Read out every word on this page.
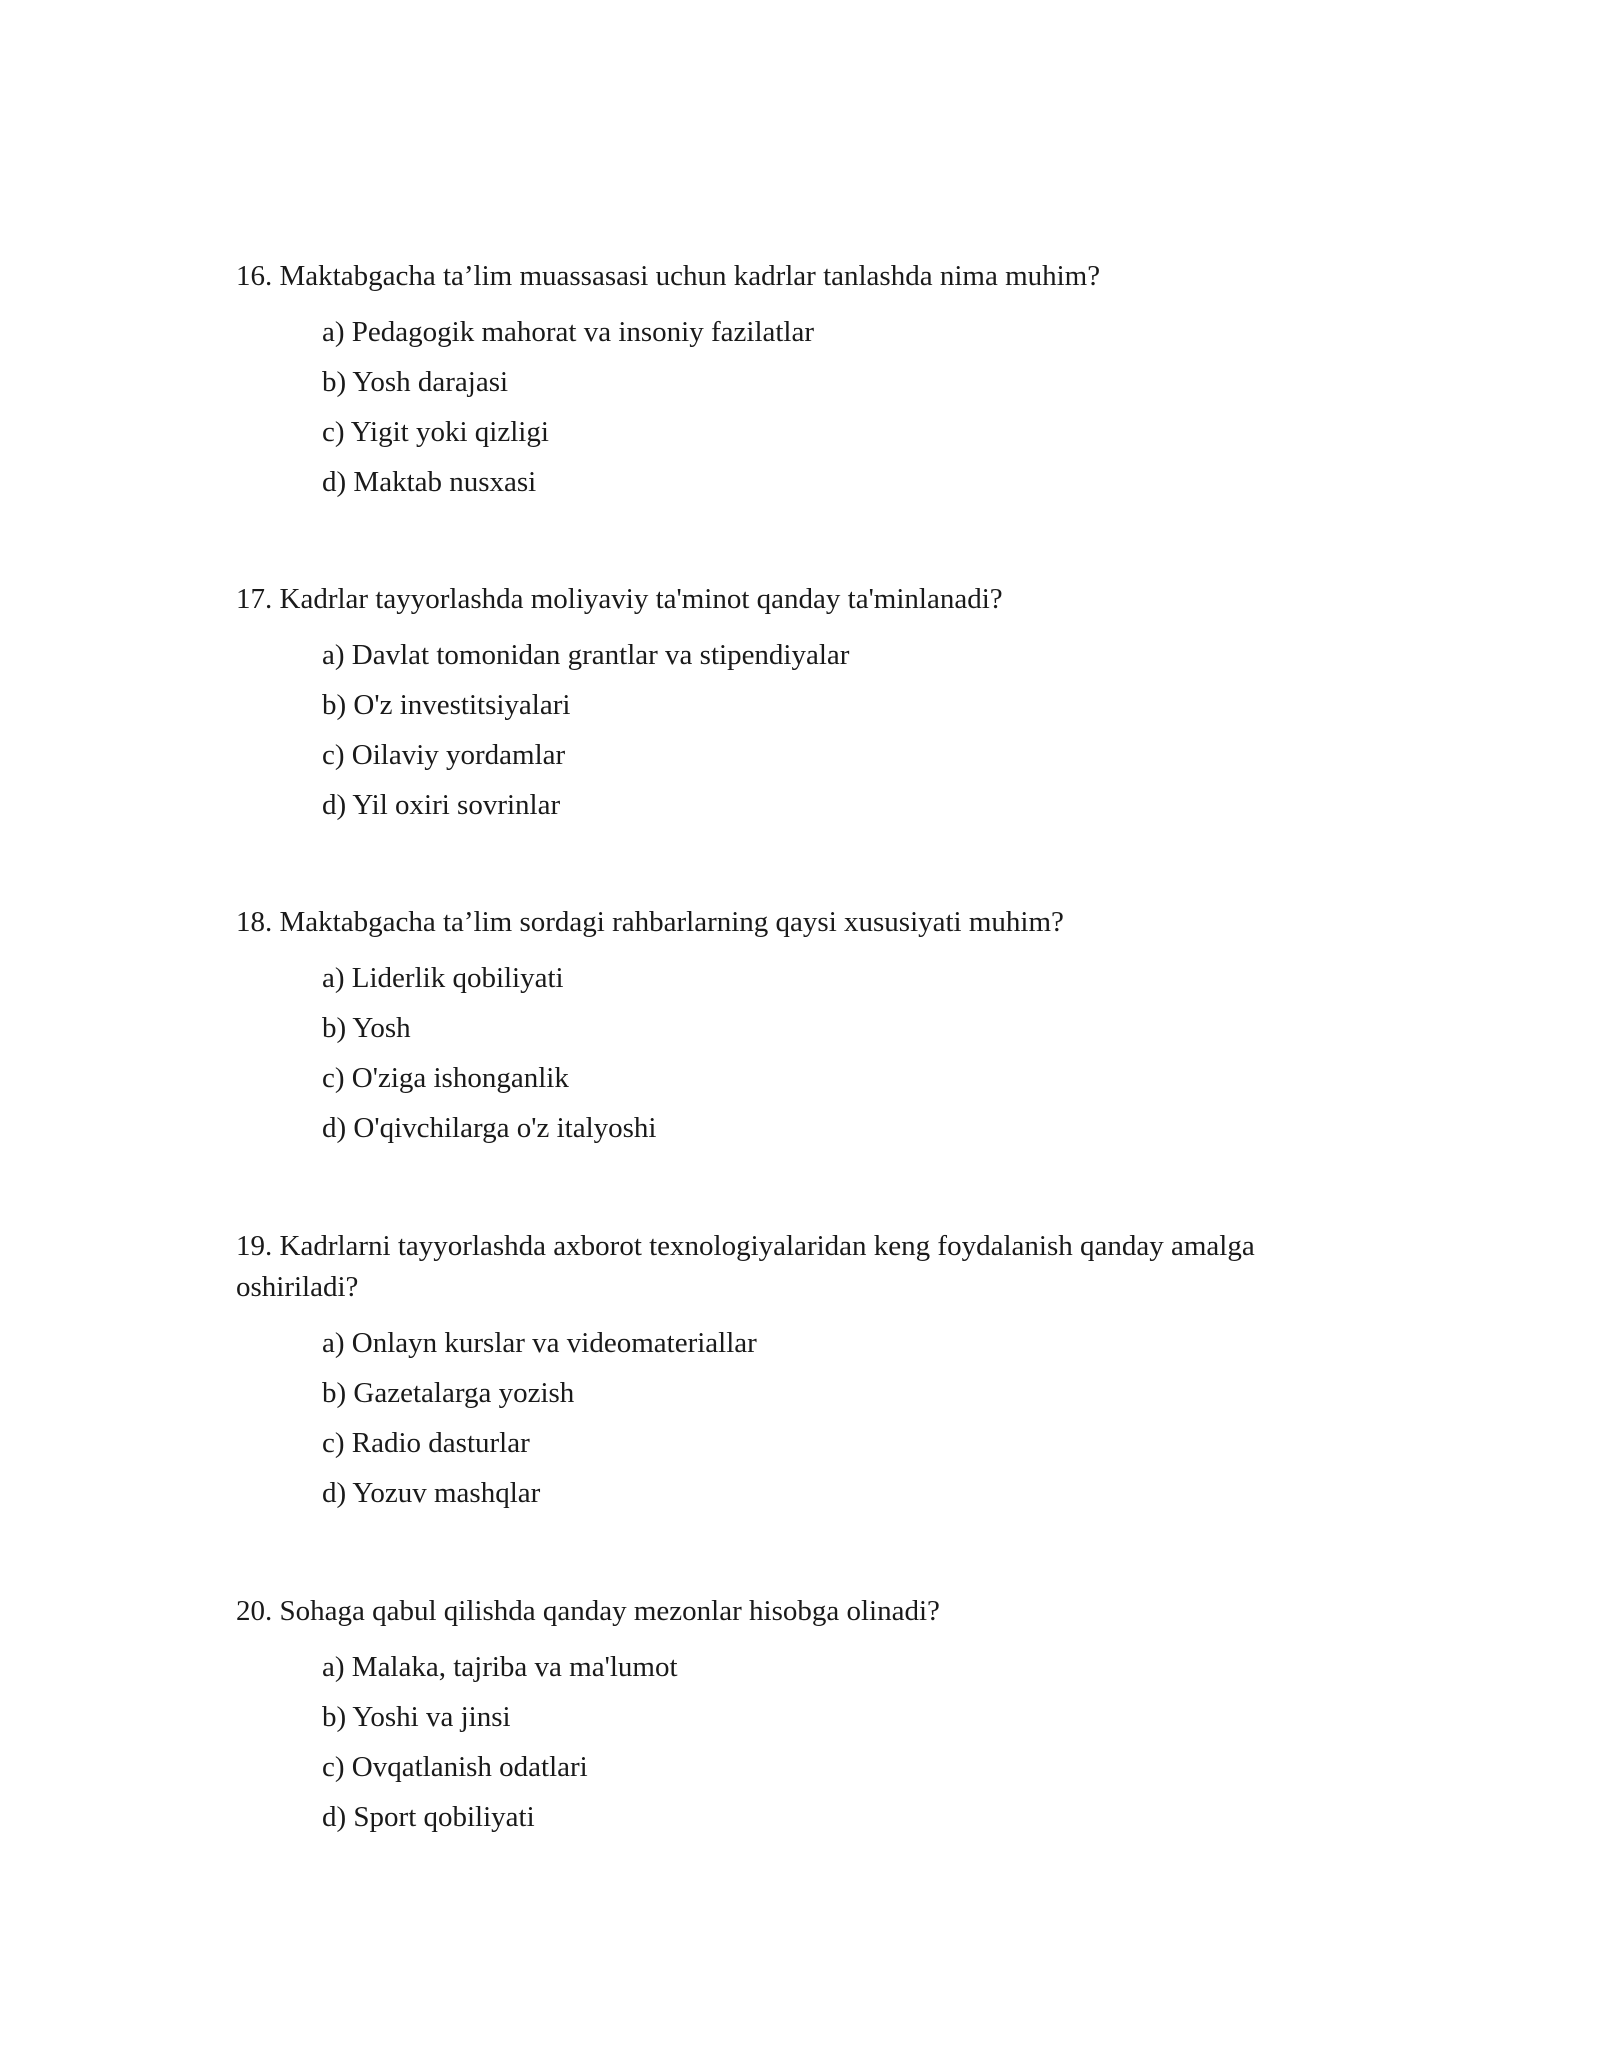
16. Maktabgacha ta’lim muassasasi uchun kadrlar tanlashda nima muhim?

a) Pedagogik mahorat va insoniy fazilatlar
b) Yosh darajasi
c) Yigit yoki qizligi
d) Maktab nusxasi

17. Kadrlar tayyorlashda moliyaviy ta'minot qanday ta'minlanadi?

a) Davlat tomonidan grantlar va stipendiyalar
b) O'z investitsiyalari
c) Oilaviy yordamlar
d) Yil oxiri sovrinlar

18. Maktabgacha ta’lim sordagi rahbarlarning qaysi xususiyati muhim?

a) Liderlik qobiliyati
b) Yosh
c) O'ziga ishonganlik
d) O'qivchilarga o'z italyoshi

19. Kadrlarni tayyorlashda axborot texnologiyalaridan keng foydalanish qanday amalga oshiriladi?

a) Onlayn kurslar va videomateriallar
b) Gazetalarga yozish
c) Radio dasturlar
d) Yozuv mashqlar

20. Sohaga qabul qilishda qanday mezonlar hisobga olinadi?

a) Malaka, tajriba va ma'lumot
b) Yoshi va jinsi
c) Ovqatlanish odatlari
d) Sport qobiliyati
